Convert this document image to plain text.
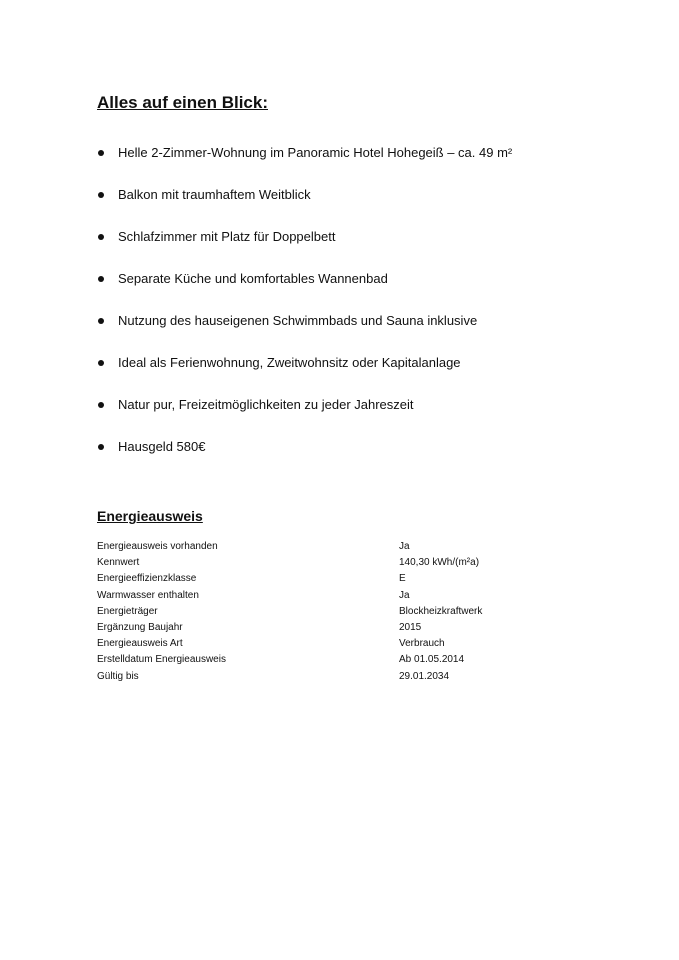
Alles auf einen Blick:
Helle 2-Zimmer-Wohnung im Panoramic Hotel Hohegeiß – ca. 49 m²
Balkon mit traumhaftem Weitblick
Schlafzimmer mit Platz für Doppelbett
Separate Küche und komfortables Wannenbad
Nutzung des hauseigenen Schwimmbads und Sauna inklusive
Ideal als Ferienwohnung, Zweitwohnsitz oder Kapitalanlage
Natur pur, Freizeitmöglichkeiten zu jeder Jahreszeit
Hausgeld 580€
Energieausweis
Energieausweis vorhanden	Ja
Kennwert	140,30 kWh/(m²a)
Energieeffizienzklasse	E
Warmwasser enthalten	Ja
Energieträger	Blockheizkraftwerk
Ergänzung Baujahr	2015
Energieausweis Art	Verbrauch
Erstelldatum Energieausweis	Ab 01.05.2014
Gültig bis	29.01.2034
